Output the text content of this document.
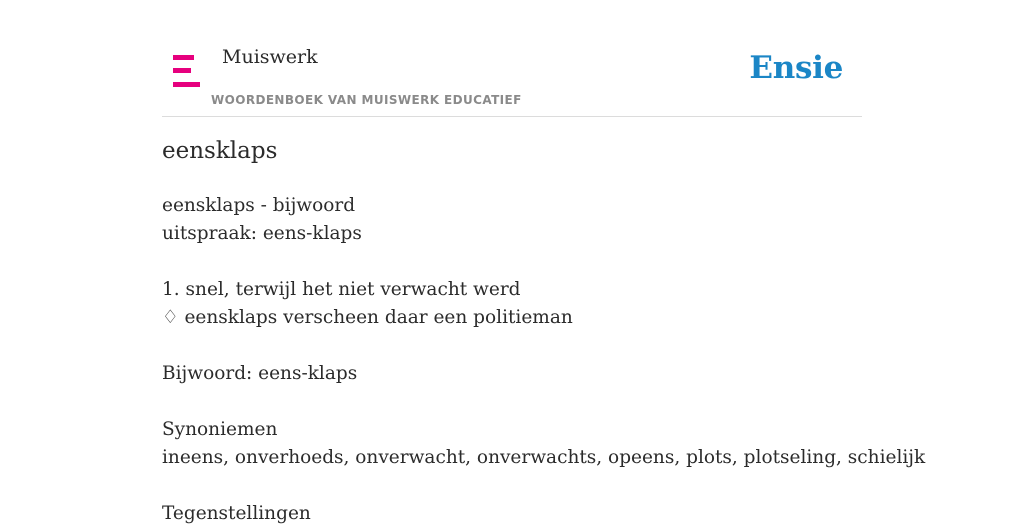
Muiswerk
WOORDENBOEK VAN MUISWERK EDUCATIEF
Ensie
eensklaps
eensklaps - bijwoord
uitspraak: eens-klaps
1. snel, terwijl het niet verwacht werd
♢ eensklaps verscheen daar een politieman
Bijwoord: eens-klaps
Synoniemen
ineens, onverhoeds, onverwacht, onverwachts, opeens, plots, plotseling, schielijk
Tegenstellingen
